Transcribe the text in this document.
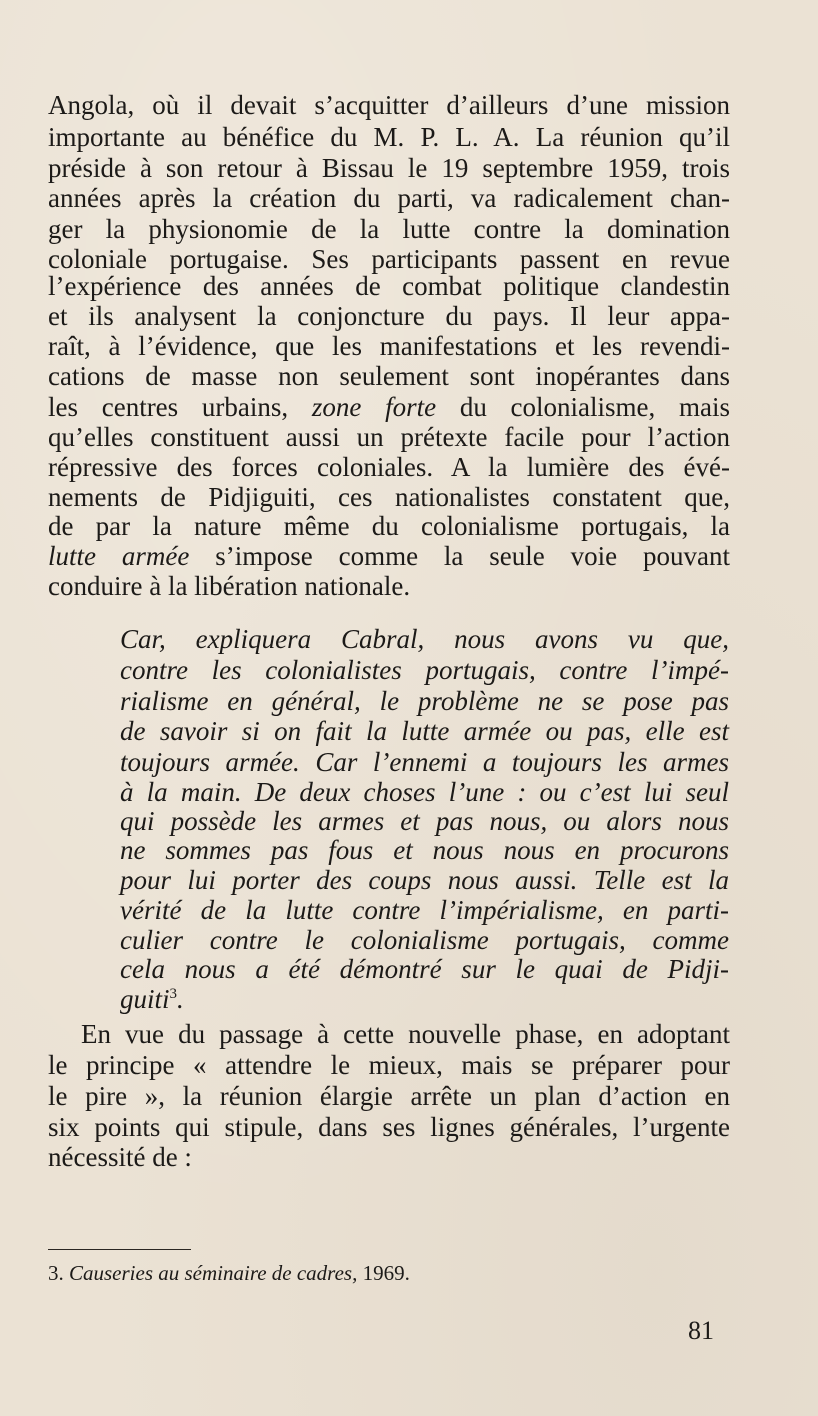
Angola, où il devait s’acquitter d’ailleurs d’une mission

importante au bénéfice du M. P. L. A. La réunion qu’il

préside à son retour à Bissau le 19 septembre 1959, trois

années après la création du parti, va radicalement chan-

ger la physionomie de la lutte contre la domination

coloniale portugaise. Ses participants passent en revue

l’expérience des années de combat politique clandestin

et ils analysent la conjoncture du pays. Il leur appa-

raît, à l’évidence, que les manifestations et les revendi-

cations de masse non seulement sont inopérantes dans

les centres urbains, zone forte du colonialisme, mais

qu’elles constituent aussi un prétexte facile pour l’action

répressive des forces coloniales. A la lumière des évé-

nements de Pidjiguiti, ces nationalistes constatent que,

de par la nature même du colonialisme portugais, la

lutte armée s’impose comme la seule voie pouvant

conduire à la libération nationale.

Car, expliquera Cabral, nous avons vu que,

contre les colonialistes portugais, contre l’impé-

rialisme en général, le problème ne se pose pas

de savoir si on fait la lutte armée ou pas, elle est

toujours armée. Car l’ennemi a toujours les armes

à la main. De deux choses l’une : ou c’est lui seul

qui possède les armes et pas nous, ou alors nous

ne sommes pas fous et nous nous en procurons

pour lui porter des coups nous aussi. Telle est la

vérité de la lutte contre l’impérialisme, en parti-

culier contre le colonialisme portugais, comme

cela nous a été démontré sur le quai de Pidji-

guiti$^3$.

En vue du passage à cette nouvelle phase, en adoptant

le principe « attendre le mieux, mais se préparer pour

le pire », la réunion élargie arrête un plan d’action en

six points qui stipule, dans ses lignes générales, l’urgente

nécessité de :

3. Causeries au séminaire de cadres, 1969.
81
